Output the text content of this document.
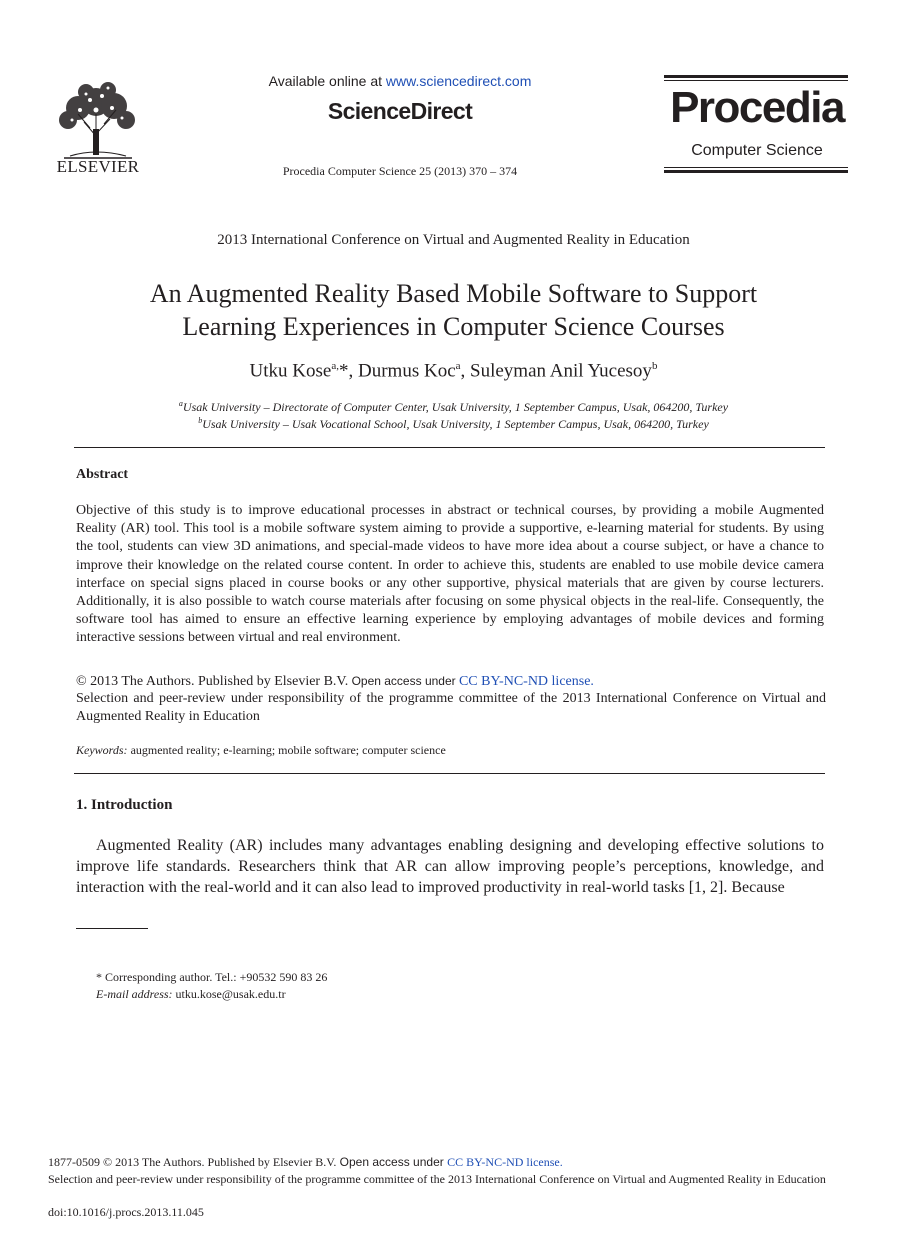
ELSEVIER
Available online at www.sciencedirect.com
ScienceDirect
Procedia Computer Science 25 (2013) 370 – 374
Procedia
Computer Science
2013 International Conference on Virtual and Augmented Reality in Education
An Augmented Reality Based Mobile Software to Support
Learning Experiences in Computer Science Courses
Utku Kose$^{a,}$*, Durmus Koc$^a$, Suleyman Anil Yucesoy$^b$
$^a$Usak University – Directorate of Computer Center, Usak University, 1 September Campus, Usak, 064200, Turkey
$^b$Usak University – Usak Vocational School, Usak University, 1 September Campus, Usak, 064200, Turkey
Abstract
Objective of this study is to improve educational processes in abstract or technical courses, by providing a mobile Augmented Reality (AR) tool. This tool is a mobile software system aiming to provide a supportive, e-learning material for students. By using the tool, students can view 3D animations, and special-made videos to have more idea about a course subject, or have a chance to improve their knowledge on the related course content. In order to achieve this, students are enabled to use mobile device camera interface on special signs placed in course books or any other supportive, physical materials that are given by course lecturers. Additionally, it is also possible to watch course materials after focusing on some physical objects in the real-life. Consequently, the software tool has aimed to ensure an effective learning experience by employing advantages of mobile devices and forming interactive sessions between virtual and real environment.
© 2013 The Authors. Published by Elsevier B.V. Open access under CC BY-NC-ND license.
Selection and peer-review under responsibility of the programme committee of the 2013 International Conference on Virtual and Augmented Reality in Education
Keywords: augmented reality; e-learning; mobile software; computer science
1. Introduction
Augmented Reality (AR) includes many advantages enabling designing and developing effective solutions to improve life standards. Researchers think that AR can allow improving people’s perceptions, knowledge, and interaction with the real-world and it can also lead to improved productivity in real-world tasks [1, 2]. Because
* Corresponding author. Tel.: +90532 590 83 26
E-mail address: utku.kose@usak.edu.tr
1877-0509 © 2013 The Authors. Published by Elsevier B.V. Open access under CC BY-NC-ND license.
Selection and peer-review under responsibility of the programme committee of the 2013 International Conference on Virtual and Augmented Reality in Education
doi:10.1016/j.procs.2013.11.045
